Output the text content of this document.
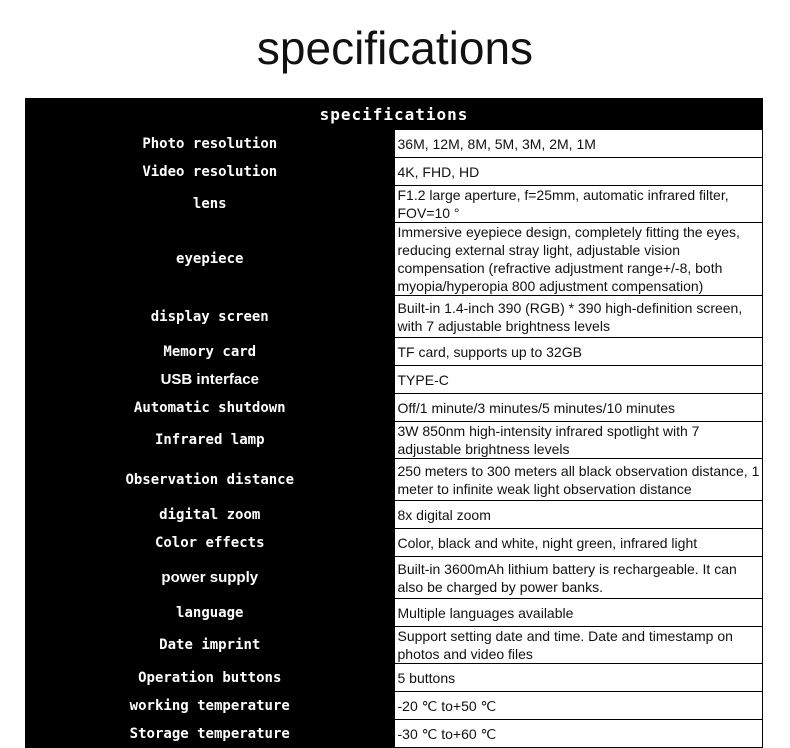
specifications
specifications	
Photo resolution	36M, 12M, 8M, 5M, 3M, 2M, 1M
Video resolution	4K, FHD, HD
lens	F1.2 large aperture, f=25mm, automatic infrared filter, FOV=10 °
eyepiece	Immersive eyepiece design, completely fitting the eyes, reducing external stray light, adjustable vision compensation (refractive adjustment range+/-8, both myopia/hyperopia 800 adjustment compensation)
display screen	Built-in 1.4-inch 390 (RGB) * 390 high-definition screen, with 7 adjustable brightness levels
Memory card	TF card, supports up to 32GB
USB interface	TYPE-C
Automatic shutdown	Off/1 minute/3 minutes/5 minutes/10 minutes
Infrared lamp	3W 850nm high-intensity infrared spotlight with 7 adjustable brightness levels
Observation distance	250 meters to 300 meters all black observation distance, 1 meter to infinite weak light observation distance
digital zoom	8x digital zoom
Color effects	Color, black and white, night green, infrared light
power supply	Built-in 3600mAh lithium battery is rechargeable. It can also be charged by power banks.
language	Multiple languages available
Date imprint	Support setting date and time. Date and timestamp on photos and video files
Operation buttons	5 buttons
working temperature	-20 ℃ to+50 ℃
Storage temperature	-30 ℃ to+60 ℃
